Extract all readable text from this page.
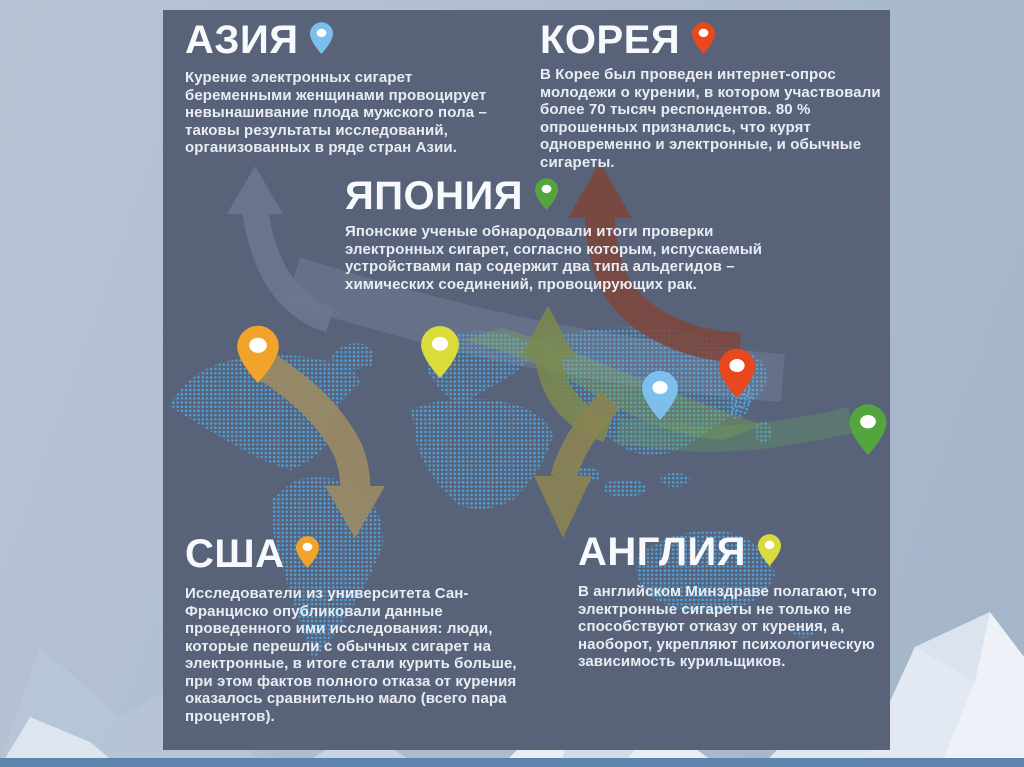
АЗИЯ

Курение электронных сигарет беременными женщинами провоцирует невынашивание плода мужского пола – таковы результаты исследований, организованных в ряде стран Азии.

КОРЕЯ

В Корее был проведен интернет-опрос молодежи о курении, в котором участвовали более 70 тысяч респондентов. 80 % опрошенных признались, что курят одновременно и электронные, и обычные сигареты.

ЯПОНИЯ

Японские ученые обнародовали итоги проверки электронных сигарет, согласно которым, испускаемый устройствами пар содержит два типа альдегидов – химических соединений, провоцирующих рак.

США

Исследователи из университета Сан-Франциско опубликовали данные проведенного ими исследования: люди, которые перешли с обычных сигарет на электронные, в итоге стали курить больше, при этом фактов полного отказа от курения оказалось сравнительно мало (всего пара процентов).

АНГЛИЯ

В английском Минздраве полагают, что электронные сигареты не только не способствуют отказу от курения, а, наоборот, укрепляют психологическую зависимость курильщиков.
